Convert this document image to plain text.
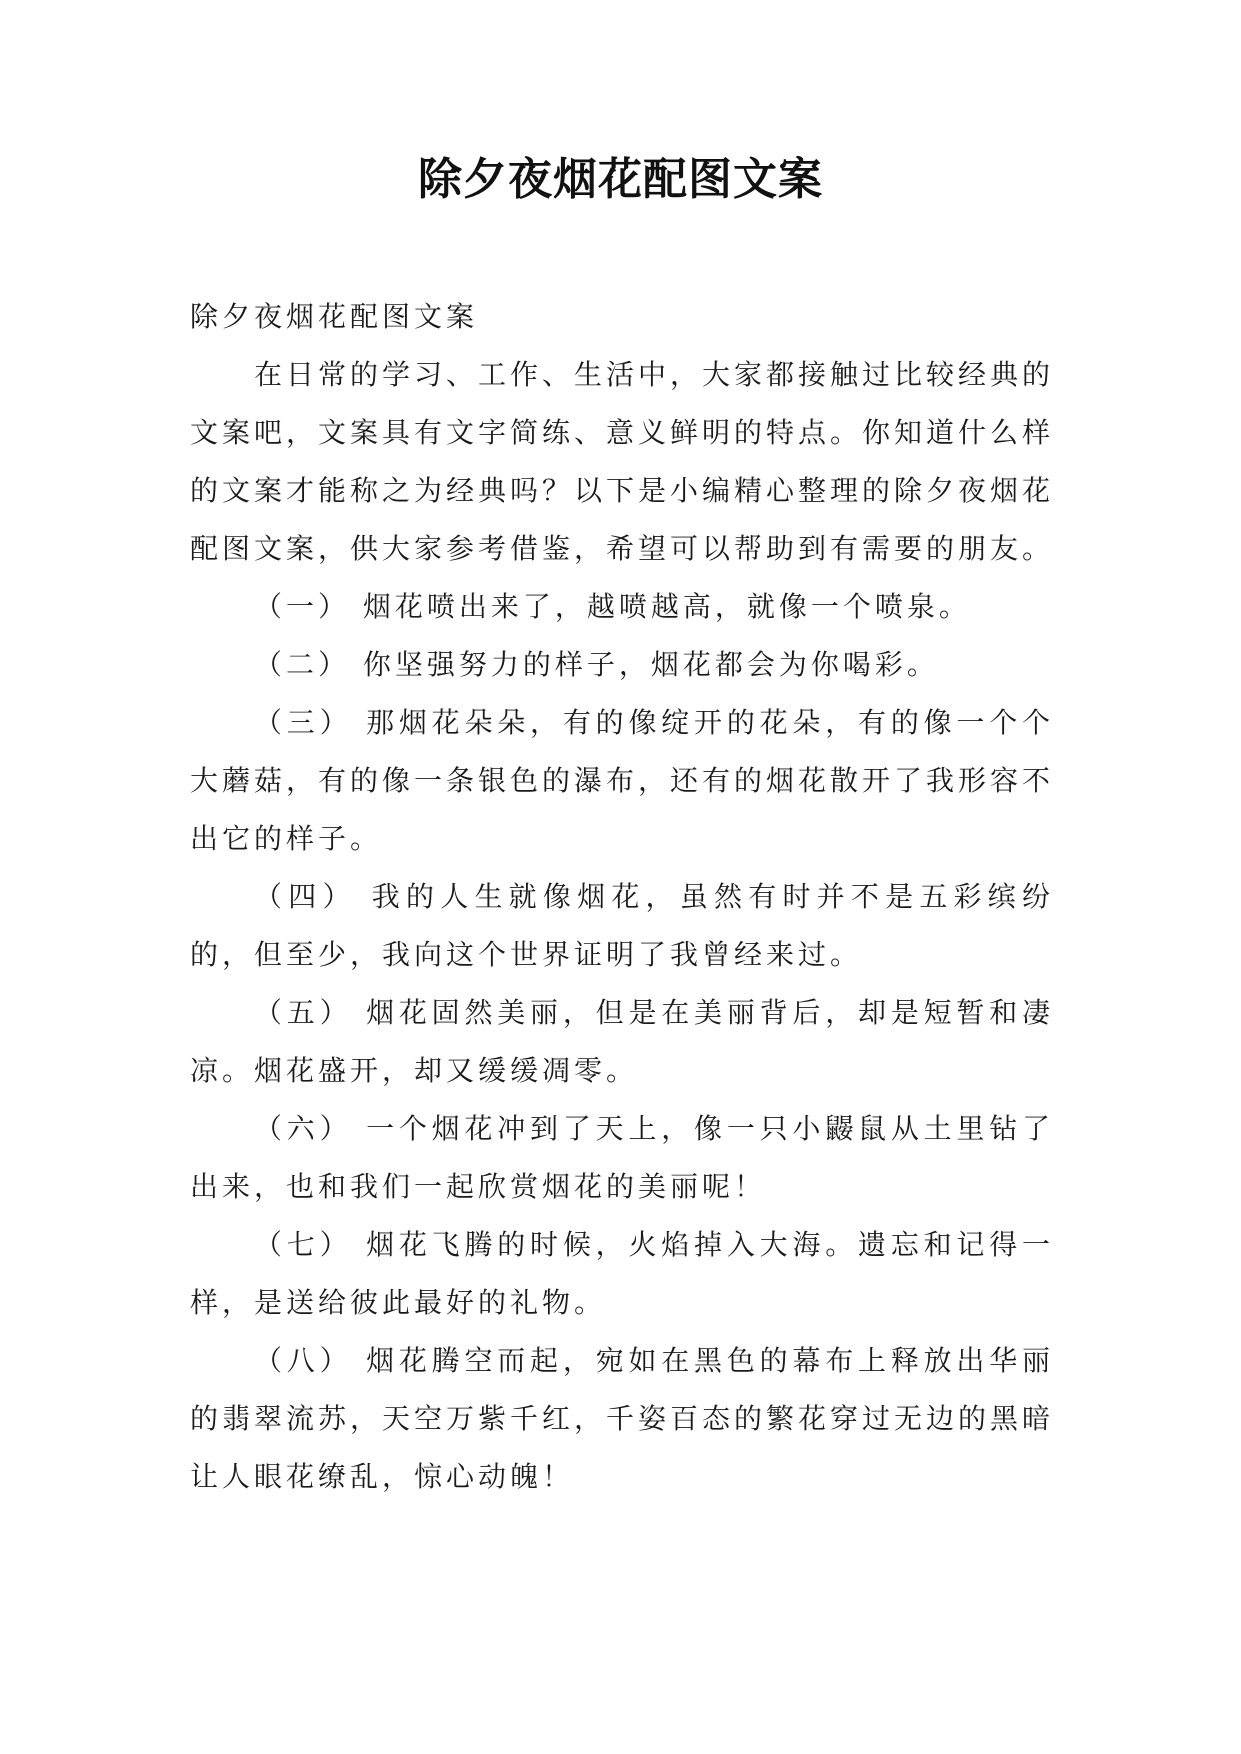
除夕夜烟花配图文案

除夕夜烟花配图文案

在日常的学习、工作、生活中，大家都接触过比较经典的文案吧，文案具有文字简练、意义鲜明的特点。你知道什么样的文案才能称之为经典吗？以下是小编精心整理的除夕夜烟花配图文案，供大家参考借鉴，希望可以帮助到有需要的朋友。

（一） 烟花喷出来了，越喷越高，就像一个喷泉。

（二） 你坚强努力的样子，烟花都会为你喝彩。

（三） 那烟花朵朵，有的像绽开的花朵，有的像一个个大蘑菇，有的像一条银色的瀑布，还有的烟花散开了我形容不出它的样子。

（四） 我的人生就像烟花，虽然有时并不是五彩缤纷的，但至少，我向这个世界证明了我曾经来过。

（五） 烟花固然美丽，但是在美丽背后，却是短暂和凄凉。烟花盛开，却又缓缓凋零。

（六） 一个烟花冲到了天上，像一只小鼹鼠从土里钻了出来，也和我们一起欣赏烟花的美丽呢！

（七） 烟花飞腾的时候，火焰掉入大海。遗忘和记得一样，是送给彼此最好的礼物。

（八） 烟花腾空而起，宛如在黑色的幕布上释放出华丽的翡翠流苏，天空万紫千红，千姿百态的繁花穿过无边的黑暗让人眼花缭乱，惊心动魄！
